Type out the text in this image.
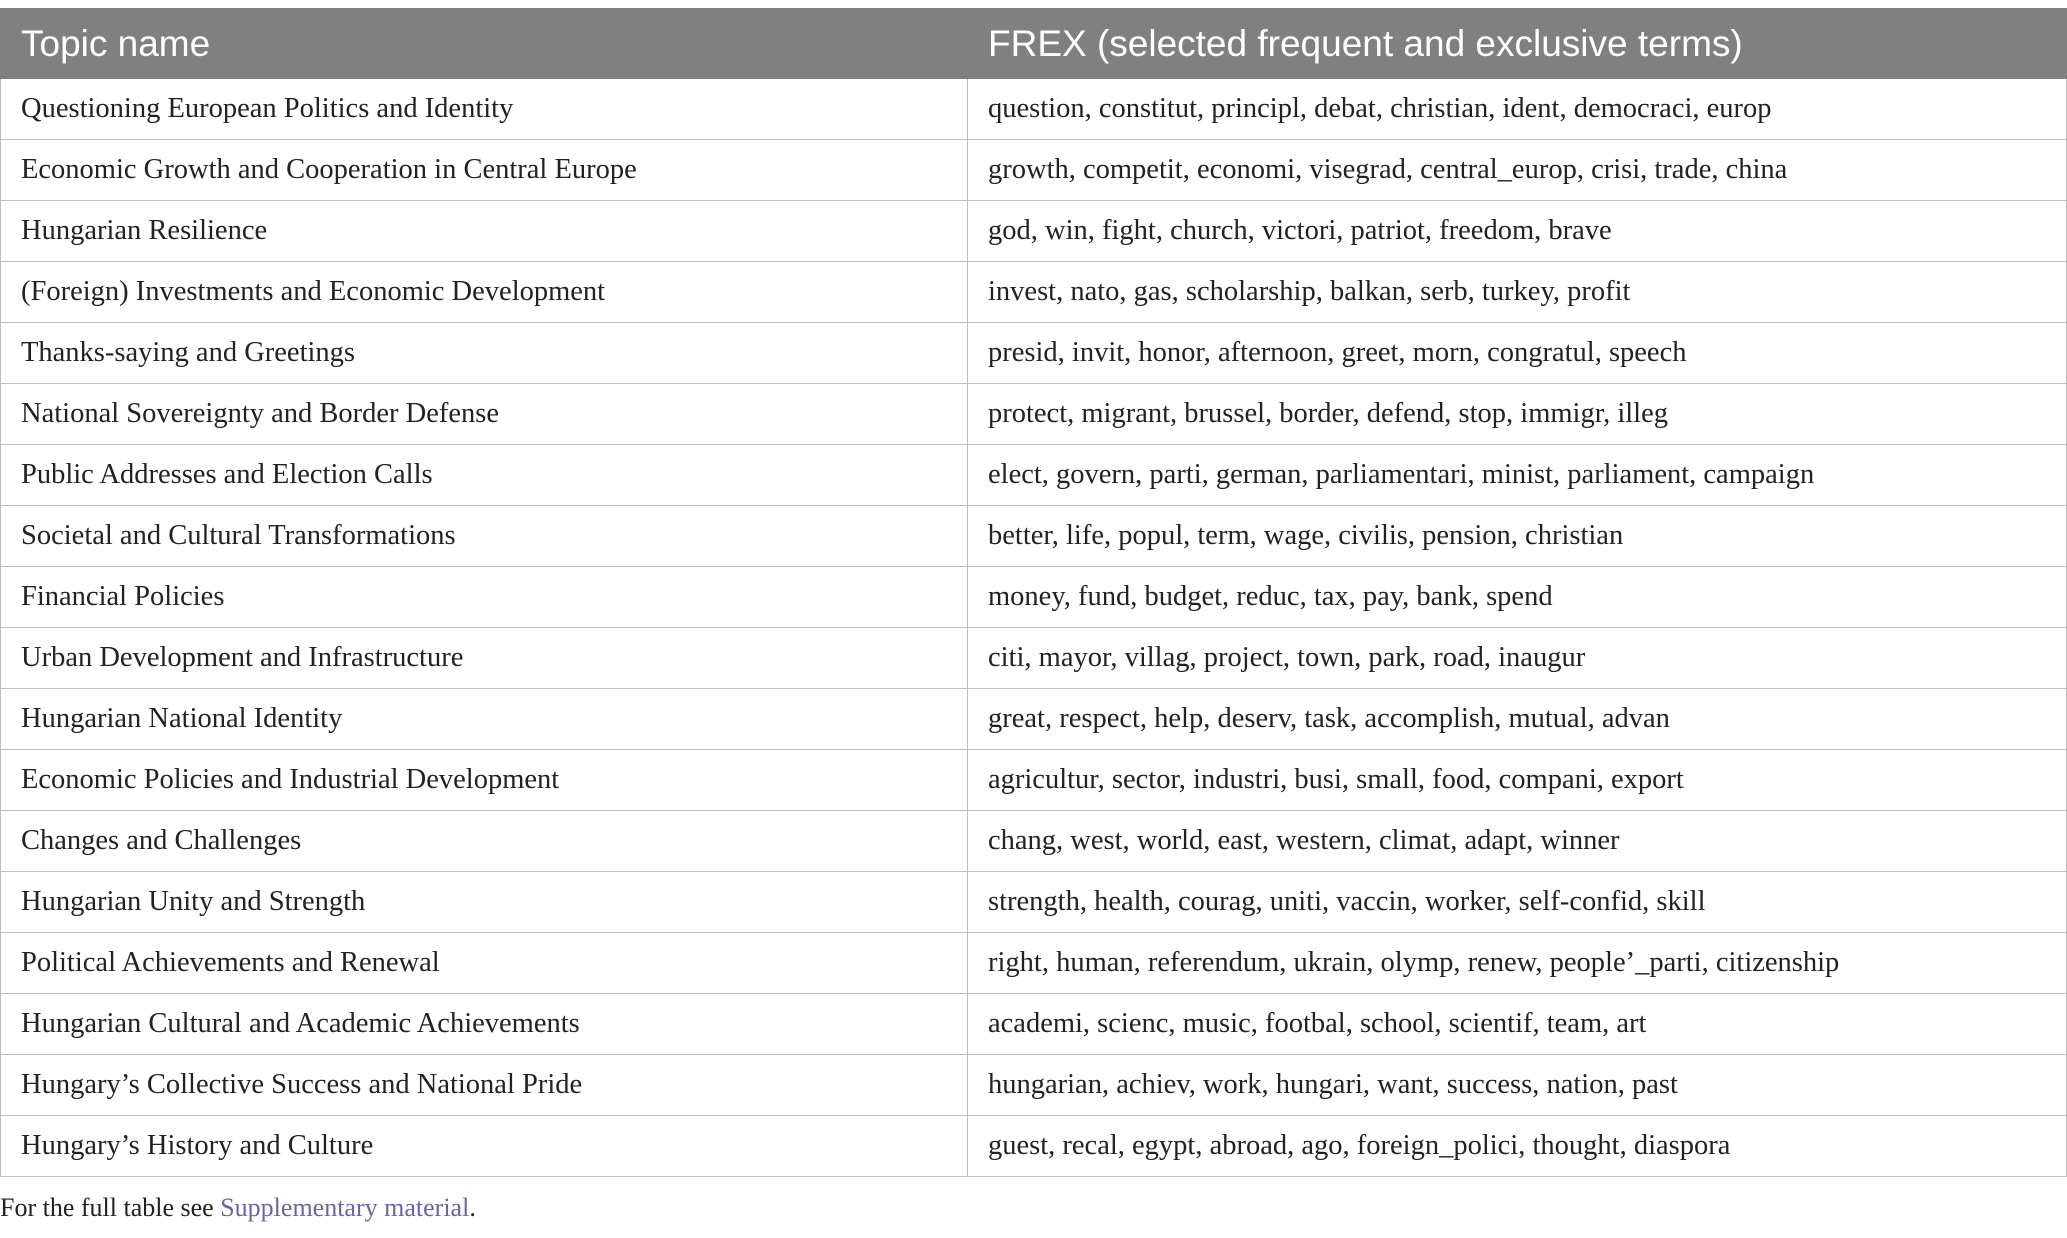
Topic name	FREX (selected frequent and exclusive terms)
Questioning European Politics and Identity	question, constitut, principl, debat, christian, ident, democraci, europ
Economic Growth and Cooperation in Central Europe	growth, competit, economi, visegrad, central_europ, crisi, trade, china
Hungarian Resilience	god, win, fight, church, victori, patriot, freedom, brave
(Foreign) Investments and Economic Development	invest, nato, gas, scholarship, balkan, serb, turkey, profit
Thanks-saying and Greetings	presid, invit, honor, afternoon, greet, morn, congratul, speech
National Sovereignty and Border Defense	protect, migrant, brussel, border, defend, stop, immigr, illeg
Public Addresses and Election Calls	elect, govern, parti, german, parliamentari, minist, parliament, campaign
Societal and Cultural Transformations	better, life, popul, term, wage, civilis, pension, christian
Financial Policies	money, fund, budget, reduc, tax, pay, bank, spend
Urban Development and Infrastructure	citi, mayor, villag, project, town, park, road, inaugur
Hungarian National Identity	great, respect, help, deserv, task, accomplish, mutual, advan
Economic Policies and Industrial Development	agricultur, sector, industri, busi, small, food, compani, export
Changes and Challenges	chang, west, world, east, western, climat, adapt, winner
Hungarian Unity and Strength	strength, health, courag, uniti, vaccin, worker, self-confid, skill
Political Achievements and Renewal	right, human, referendum, ukrain, olymp, renew, people’_parti, citizenship
Hungarian Cultural and Academic Achievements	academi, scienc, music, footbal, school, scientif, team, art
Hungary’s Collective Success and National Pride	hungarian, achiev, work, hungari, want, success, nation, past
Hungary’s History and Culture	guest, recal, egypt, abroad, ago, foreign_polici, thought, diaspora
For the full table see Supplementary material.
